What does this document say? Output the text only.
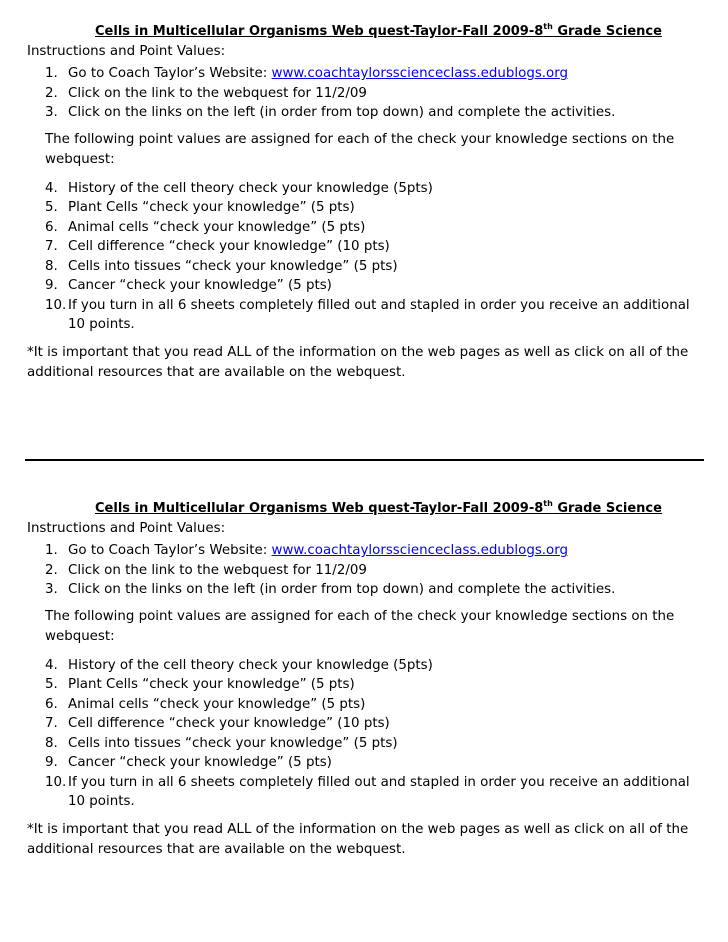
Cells in Multicellular Organisms Web quest-Taylor-Fall 2009-8th Grade Science
Instructions and Point Values:
1. Go to Coach Taylor’s Website: www.coachtaylorsscienceclass.edublogs.org
2. Click on the link to the webquest for 11/2/09
3. Click on the links on the left (in order from top down) and complete the activities.

The following point values are assigned for each of the check your knowledge sections on the
webquest:

4. History of the cell theory check your knowledge (5pts)
5. Plant Cells “check your knowledge” (5 pts)
6. Animal cells “check your knowledge” (5 pts)
7. Cell difference “check your knowledge” (10 pts)
8. Cells into tissues “check your knowledge” (5 pts)
9. Cancer “check your knowledge” (5 pts)
10. If you turn in all 6 sheets completely filled out and stapled in order you receive an additional
10 points.

*It is important that you read ALL of the information on the web pages as well as click on all of the
additional resources that are available on the webquest.

Cells in Multicellular Organisms Web quest-Taylor-Fall 2009-8th Grade Science
Instructions and Point Values:
1. Go to Coach Taylor’s Website: www.coachtaylorsscienceclass.edublogs.org
2. Click on the link to the webquest for 11/2/09
3. Click on the links on the left (in order from top down) and complete the activities.

The following point values are assigned for each of the check your knowledge sections on the
webquest:

4. History of the cell theory check your knowledge (5pts)
5. Plant Cells “check your knowledge” (5 pts)
6. Animal cells “check your knowledge” (5 pts)
7. Cell difference “check your knowledge” (10 pts)
8. Cells into tissues “check your knowledge” (5 pts)
9. Cancer “check your knowledge” (5 pts)
10. If you turn in all 6 sheets completely filled out and stapled in order you receive an additional
10 points.

*It is important that you read ALL of the information on the web pages as well as click on all of the
additional resources that are available on the webquest.
